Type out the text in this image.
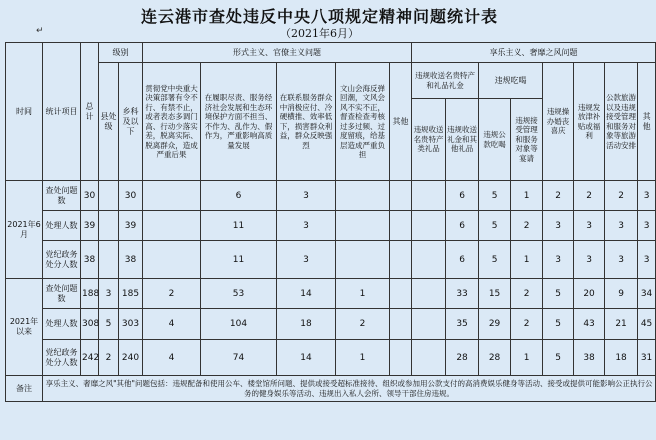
连云港市查处违反中央八项规定精神问题统计表
（2021年6月）
↵
时间	统计项目	总计	级别		形式主义、官僚主义问题					享乐主义、奢靡之风问题							
			县处级	乡科及以下	贯彻党中央重大决策部署有令不行、有禁不止，或者表态多调门高、行动少落实差，脱离实际、脱离群众，造成严重后果	在履职尽责、服务经济社会发展和生态环境保护方面不担当、不作为、乱作为、假作为，严重影响高质量发展	在联系服务群众中消极应付、冷硬横推、效率低下，损害群众利益，群众反映强烈	文山会海反弹回潮，文风会风不实不正，督查检查考核过多过频、过度留痕，给基层造成严重负担	其他	违规收送名贵特产和礼品礼金		违规吃喝		违规操办婚丧喜庆	违规发放津补贴或福利	公款旅游以及违规接受管理和服务对象等旅游活动安排	其他
										违规收送名贵特产类礼品	违规收送礼金和其他礼品	违规公款吃喝	违规接受管理和服务对象等宴请				
2021年6月	查处问题数	30		30		6	3				6	5	1	2	2	2	3
	处理人数	39		39		11	3				6	5	2	3	3	3	3
	党纪政务处分人数	38		38		11	3				6	5	1	3	3	3	3
2021年以来	查处问题数	188	3	185	2	53	14	1			33	15	2	5	20	9	34
	处理人数	308	5	303	4	104	18	2			35	29	2	5	43	21	45
	党纪政务处分人数	242	2	240	4	74	14	1			28	28	1	5	38	18	31
备注	享乐主义、奢靡之风"其他"问题包括：违规配备和使用公车、楼堂馆所问题、提供或接受超标准接待、组织或参加用公款支付的高消费娱乐健身等活动、接受或提供可能影响公正执行公务的健身娱乐等活动、违规出入私人会所、领导干部住房违规。																
